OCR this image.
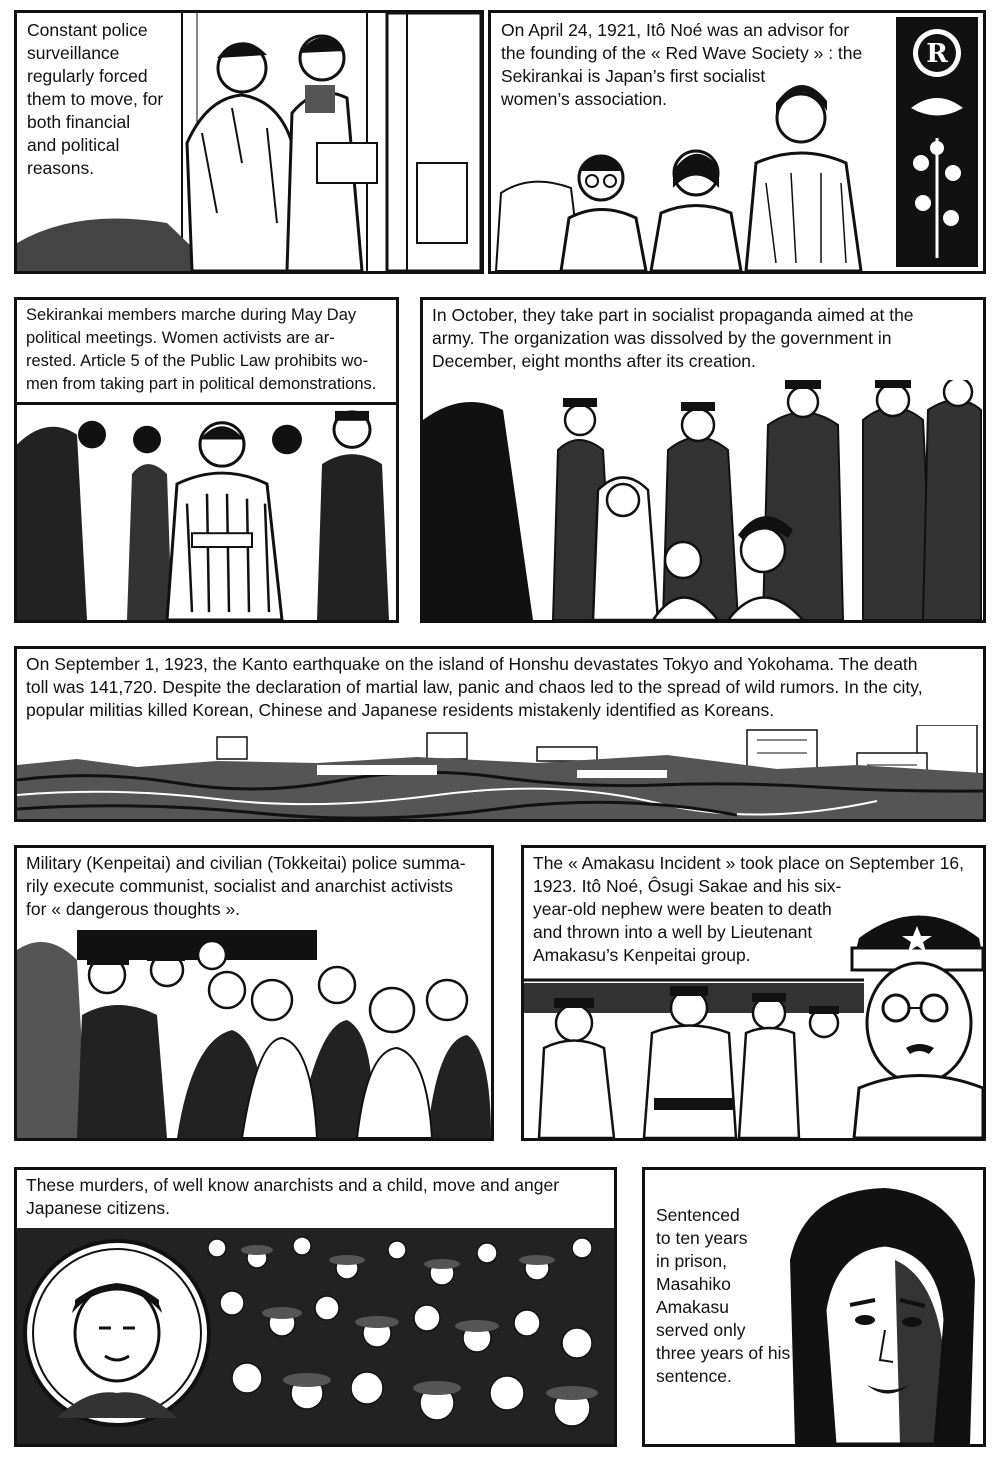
Constant police
surveillance
regularly forced
them to move, for
both financial
and political
reasons.
On April 24, 1921, Itô Noé was an advisor for
the founding of the « Red Wave Society » : the
Sekirankai is Japan’s first socialist
women’s association.
R
Sekirankai members marche during May Day
political meetings. Women activists are ar-
rested. Article 5 of the Public Law prohibits wo-
men from taking part in political demonstrations.
In October, they take part in socialist propaganda aimed at the
army. The organization was dissolved by the government in
December, eight months after its creation.
On September 1, 1923, the Kanto earthquake on the island of Honshu devastates Tokyo and Yokohama. The death
toll was 141,720. Despite the declaration of martial law, panic and chaos led to the spread of wild rumors. In the city,
popular militias killed Korean, Chinese and Japanese residents mistakenly identified as Koreans.
Military (Kenpeitai) and civilian (Tokkeitai) police summa-
rily execute communist, socialist and anarchist activists
for « dangerous thoughts ».
The « Amakasu Incident » took place on September 16,
1923. Itô Noé, Ôsugi Sakae and his six-
year-old nephew were beaten to death
and thrown into a well by Lieutenant
Amakasu’s Kenpeitai group.
These murders, of well know anarchists and a child, move and anger
Japanese citizens.	Sentenced
to ten years
in prison,
Masahiko
Amakasu
served only
three years of his
sentence.
